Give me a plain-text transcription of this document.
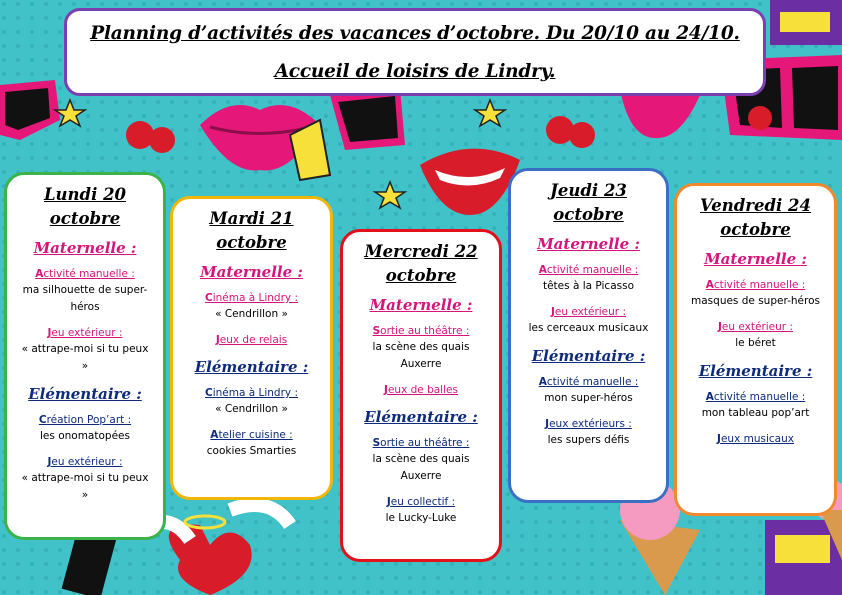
Planning d’activités des vacances d’octobre. Du 20/10 au 24/10.
Accueil de loisirs de Lindry.
Lundi 20 octobre
Maternelle :
Activité manuelle :
ma silhouette de super-héros
Jeu extérieur :
« attrape-moi si tu peux »
Elémentaire :
Création Pop’art :
les onomatopées
Jeu extérieur :
« attrape-moi si tu peux »
Mardi 21 octobre
Maternelle :
Cinéma à Lindry :
« Cendrillon »
Jeux de relais
Elémentaire :
Cinéma à Lindry :
« Cendrillon »
Atelier cuisine :
cookies Smarties
Mercredi 22 octobre
Maternelle :
Sortie au théâtre :
la scène des quais Auxerre
Jeux de balles
Elémentaire :
Sortie au théâtre :
la scène des quais Auxerre
Jeu collectif :
le Lucky-Luke
Jeudi 23 octobre
Maternelle :
Activité manuelle :
têtes à la Picasso
Jeu extérieur :
les cerceaux musicaux
Elémentaire :
Activité manuelle :
mon super-héros
Jeux extérieurs :
les supers défis
Vendredi 24 octobre
Maternelle :
Activité manuelle :
masques de super-héros
Jeu extérieur :
le béret
Elémentaire :
Activité manuelle :
mon tableau pop’art
Jeux musicaux
